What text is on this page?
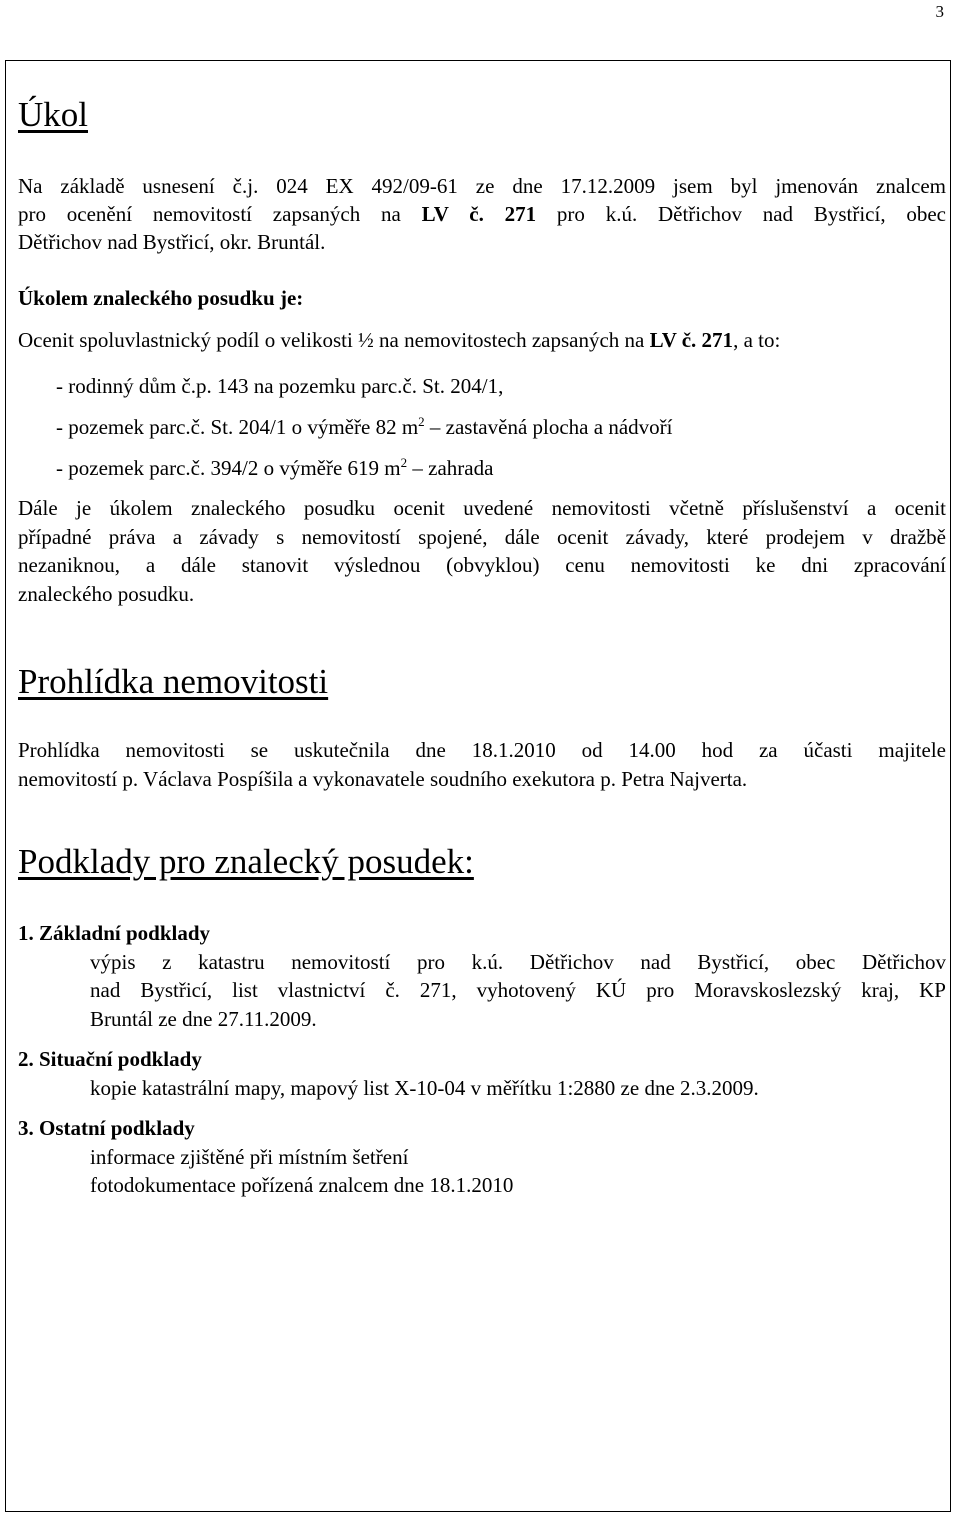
3
Úkol
Na základě usnesení č.j. 024 EX 492/09-61 ze dne 17.12.2009 jsem byl jmenován znalcem
pro ocenění nemovitostí zapsaných na LV č. 271 pro k.ú. Dětřichov nad Bystřicí, obec
Dětřichov nad Bystřicí, okr. Bruntál.
Úkolem znaleckého posudku je:
Ocenit spoluvlastnický podíl o velikosti ½ na nemovitostech zapsaných na LV č. 271, a to:
- rodinný dům č.p. 143 na pozemku parc.č. St. 204/1,
- pozemek parc.č. St. 204/1 o výměře 82 $m^2$ – zastavěná plocha a nádvoří
- pozemek parc.č. 394/2 o výměře 619 $m^2$ – zahrada
Dále je úkolem znaleckého posudku ocenit uvedené nemovitosti včetně příslušenství a ocenit
případné práva a závady s nemovitostí spojené, dále ocenit závady, které prodejem v dražbě
nezaniknou, a dále stanovit výslednou (obvyklou) cenu nemovitosti ke dni zpracování
znaleckého posudku.
Prohlídka nemovitosti
Prohlídka nemovitosti se uskutečnila dne 18.1.2010 od 14.00 hod za účasti majitele
nemovitostí p. Václava Pospíšila a vykonavatele soudního exekutora p. Petra Najverta.
Podklady pro znalecký posudek:
1. Základní podklady
výpis z katastru nemovitostí pro k.ú. Dětřichov nad Bystřicí, obec Dětřichov
nad Bystřicí, list vlastnictví č. 271, vyhotovený KÚ pro Moravskoslezský kraj, KP
Bruntál ze dne 27.11.2009.
2. Situační podklady
kopie katastrální mapy, mapový list X-10-04 v měřítku 1:2880 ze dne 2.3.2009.
3. Ostatní podklady
informace zjištěné při místním šetření
fotodokumentace pořízená znalcem dne 18.1.2010
